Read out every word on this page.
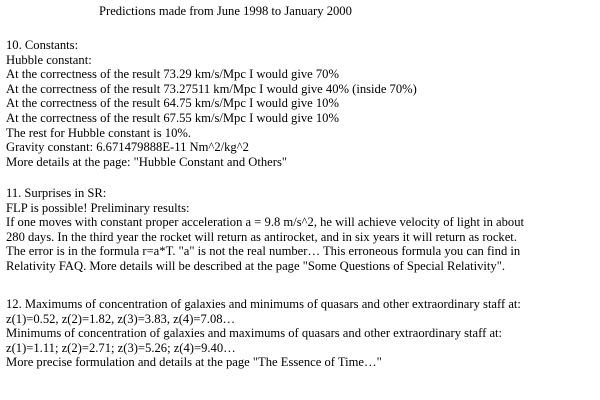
Predictions made from June 1998 to January 2000
10. Constants:
Hubble constant:
At the correctness of the result 73.29 km/s/Mpc I would give 70%
At the correctness of the result 73.27511 km/Mpc I would give 40% (inside 70%)
At the correctness of the result 64.75 km/s/Mpc I would give 10%
At the correctness of the result 67.55 km/s/Mpc I would give 10%
The rest for Hubble constant is 10%.
Gravity constant: 6.671479888E-11 Nm^2/kg^2
More details at the page: "Hubble Constant and Others"
11. Surprises in SR:
FLP is possible! Preliminary results:
If one moves with constant proper acceleration a = 9.8 m/s^2, he will achieve velocity of light in about
280 days. In the third year the rocket will return as antirocket, and in six years it will return as rocket.
The error is in the formula r=a*T. "a" is not the real number… This erroneous formula you can find in
Relativity FAQ. More details will be described at the page "Some Questions of Special Relativity".
12. Maximums of concentration of galaxies and minimums of quasars and other extraordinary staff at:
z(1)=0.52, z(2)=1.82, z(3)=3.83, z(4)=7.08…
Minimums of concentration of galaxies and maximums of quasars and other extraordinary staff at:
z(1)=1.11; z(2)=2.71; z(3)=5.26; z(4)=9.40…
More precise formulation and details at the page "The Essence of Time…"
